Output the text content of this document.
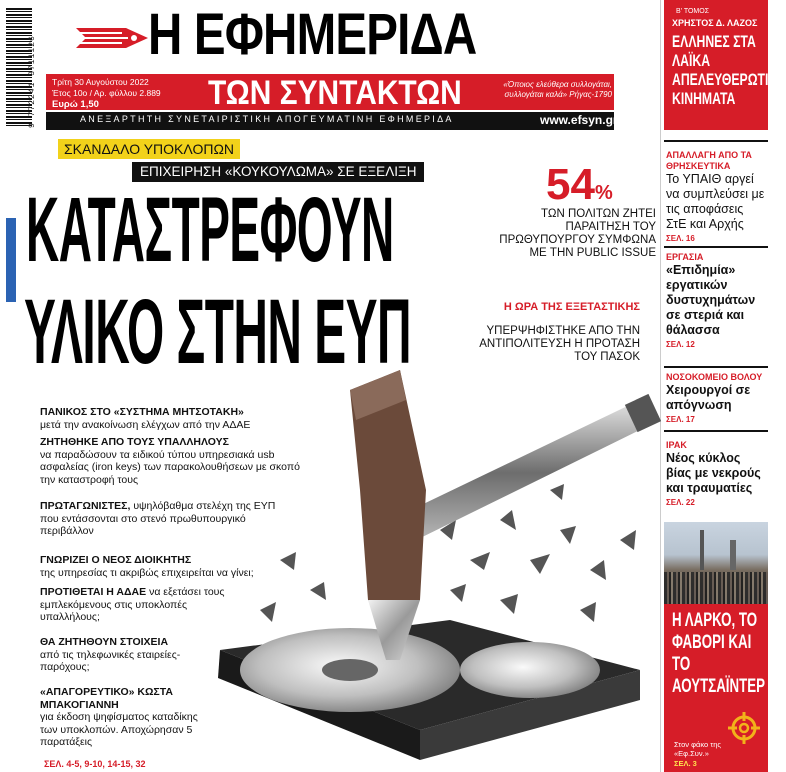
9 772241 3711126
Η ΕΦΗΜΕΡΙΔΑ
Τρίτη 30 Αυγούστου 2022
Έτος 10ο / Αρ. φύλλου 2.889
Ευρώ 1,50	ΤΩΝ ΣΥΝΤΑΚΤΩΝ	«Όποιος ελεύθερα συλλογάται, συλλογάται καλά» Ρήγας-1790
ΑΝΕΞΑΡΤΗΤΗ ΣΥΝΕΤΑΙΡΙΣΤΙΚΗ ΑΠΟΓΕΥΜΑΤΙΝΗ ΕΦΗΜΕΡΙΔΑ	www.efsyn.gr
Β' ΤΟΜΟΣ
ΧΡΗΣΤΟΣ Δ. ΛΑΖΟΣ
ΕΛΛΗΝΕΣ ΣΤΑ ΛΑΪΚΑ ΑΠΕΛΕΥΘΕΡΩΤΙΚΑ ΚΙΝΗΜΑΤΑ
ΑΠΑΛΛΑΓΗ ΑΠΟ ΤΑ ΘΡΗΣΚΕΥΤΙΚΑ
Το ΥΠΑΙΘ αργεί να συμπλεύσει με τις αποφάσεις ΣτΕ και Αρχής
ΣΕΛ. 16
ΕΡΓΑΣΙΑ
«Επιδημία» εργατικών δυστυχημάτων σε στεριά και θάλασσα
ΣΕΛ. 12
ΝΟΣΟΚΟΜΕΙΟ ΒΟΛΟΥ
Χειρουργοί σε απόγνωση
ΣΕΛ. 17
ΙΡΑΚ
Νέος κύκλος βίας με νεκρούς και τραυματίες
ΣΕΛ. 22
Η ΛΑΡΚΟ, ΤΟ ΦΑΒΟΡΙ ΚΑΙ ΤΟ ΑΟΥΤΣΑΪΝΤΕΡ
Στον φάκο της «Εφ.Συν.»
ΣΕΛ. 3
ΣΚΑΝΔΑΛΟ ΥΠΟΚΛΟΠΩΝ
ΕΠΙΧΕΙΡΗΣΗ «ΚΟΥΚΟΥΛΩΜΑ» ΣΕ ΕΞΕΛΙΞΗ
ΚΑΤΑΣΤΡΕΦΟΥΝ
ΥΛΙΚΟ ΣΤΗΝ ΕΥΠ
54%
ΤΩΝ ΠΟΛΙΤΩΝ ΖΗΤΕΙ ΠΑΡΑΙΤΗΣΗ ΤΟΥ ΠΡΩΘΥΠΟΥΡΓΟΥ ΣΥΜΦΩΝΑ ΜΕ THN PUBLIC ISSUE
Η ΩΡΑ ΤΗΣ ΕΞΕΤΑΣΤΙΚΗΣ
ΥΠΕΡΨΗΦΙΣΤΗΚΕ ΑΠΟ ΤΗΝ ΑΝΤΙΠΟΛΙΤΕΥΣΗ Η ΠΡΟΤΑΣΗ ΤΟΥ ΠΑΣΟΚ
ΠΑΝΙΚΟΣ ΣΤΟ «ΣΥΣΤΗΜΑ ΜΗΤΣΟΤΑΚΗ»
μετά την ανακοίνωση ελέγχων από την ΑΔΑΕ
ΖΗΤΗΘΗΚΕ ΑΠΟ ΤΟΥΣ ΥΠΑΛΛΗΛΟΥΣ
να παραδώσουν τα ειδικού τύπου υπηρεσιακά usb ασφαλείας (iron keys) των παρακολουθήσεων με σκοπό την καταστροφή τους
ΠΡΩΤΑΓΩΝΙΣΤΕΣ, υψηλόβαθμα στελέχη της ΕΥΠ που εντάσσονται στο στενό πρωθυπουργικό περιβάλλον
ΓΝΩΡΙΖΕΙ Ο ΝΕΟΣ ΔΙΟΙΚΗΤΗΣ
της υπηρεσίας τι ακριβώς επιχειρείται να γίνει;
ΠΡΟΤΙΘΕΤΑΙ Η ΑΔΑΕ να εξετάσει τους εμπλεκόμενους στις υποκλοπές υπαλλήλους;
ΘΑ ΖΗΤΗΘΟΥΝ ΣΤΟΙΧΕΙΑ
από τις τηλεφωνικές εταιρείες-παρόχους;
«ΑΠΑΓΟΡΕΥΤΙΚΟ» ΚΩΣΤΑ ΜΠΑΚΟΓΙΑΝΝΗ
για έκδοση ψηφίσματος καταδίκης των υποκλοπών. Αποχώρησαν 5 παρατάξεις
ΣΕΛ. 4-5, 9-10, 14-15, 32
